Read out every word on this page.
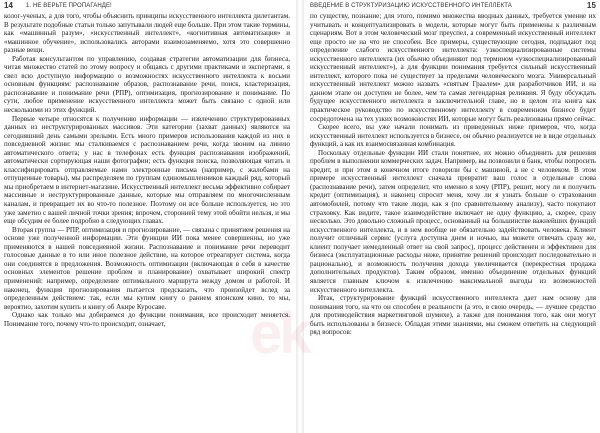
14 1. НЕ ВЕРЬТЕ ПРОПАГАНДЕ!

колог-ученых, а для того, чтобы объяснить принципы искусственного интеллекта дилетантам. В результате подобные статьи только запутывали людей еще больше. При этом такие термины, как «машинный разум», «искусственный интеллект», «когнитивная автоматизация» и «машинное обучение», использовались авторами взаимозаменяемо, хотя это совершенно разные вещи.

Работая консультантом по управлению, создавая стратегии автоматизации для бизнеса, читая множество статей по этому вопросу и общаясь с другими практиками и экспертами, я свел всю доступную информацию о возможностях искусственного интеллекта к восьми основным функциям: распознавание образов, распознавание речи, поиск, кластеризация, распознавание и понимание речи (РПР), оптимизация, прогнозирование и понимание. По сути, любое применение искусственного интеллекта может быть связано с одной или несколькими из этих функций.

Первые четыре относятся к получению информации — извлечению структурированных данных из неструктурированных массивов. Эти категории (захват данных) являются на сегодняшний день самыми зрелыми. Есть много примеров использования каждой из них в повседневной жизни: мы сталкиваемся с распознаванием речи, когда звоним на линию автоматического ответа; у нас в телефонах есть функция распознавания изображений, автоматически сортирующая наши фотографии; есть функция поиска, позволяющая читать и классифицировать отправляемые нами электронные письма (например, с жалобами на отпущенные товары), мы распределяем по группам единомышленников каждый ряд, который мы приобретаем в интернет-магазине. Искусственный интеллект весьма эффективно собирает массивные и неструктурированные данные, которые мы отправляем по многочисленным каналам, и превращает их во что-то полезное. Поэтому он все больше используется, но это уже заметно с вашей личной точки зрения; впрочем, сторонней тему этой обойти нельзя, и мы еще обсудим ее более подробно в следующих главах.

Вторая группа — РПР, оптимизация и прогнозирование, — связана с принятием решения на основе уже полученной информации. Эти функции ИИ пока менее совершенны, но уже применяются в нашей повседневной жизни. Распознавание и понимание речи переводит голосовые данные в то или иное полезное действие, на которое отреагирует система, когда они соединятся в предложения. Возможность оптимизации (включающая в себя в качестве основных элементов решение проблем и планирование) охватывает широкий спектр применений: например, определение оптимального маршрута между домом и работой. И наконец, функция прогнозирования пытается предсказать, что произойдет вслед за определенным действием: так, если мы купим книгу о раннем японском кино, то мы, вероятно, захотим купить и книгу об Акире Куросаве.

Однако как только мы добираемся до функции понимания, все происходит меняется. Понимание того, почему что-то происходит, означает,

ВВЕДЕНИЕ В СТРУКТУРИЗАЦИЮ ИСКУССТВЕННОГО ИНТЕЛЛЕКТА	15

по существу, познание; для этого, помимо множества вводных данных, требуется умение их учитывать и концептуализировать в модели, которые могут быть применены к различным сценариям. Вот в этом человеческий мозг преуспел, а современный искусственный интеллект еще просто не на что не способен. Все примеры, существующие сегодня, подпадают под определение слабого искусственного интеллекта: узкоспециализированные системы искусственного интеллекта (их обычно объединяют под термином «узкоспециализированный искусственный интеллект»), а для функции понимания требуется сильный искусственный интеллект, которого пока не существует за пределами человеческого мозга. Универсальный искусственный интеллект можно назвать «святым Граалем» для разработчиков ИИ, и на данном этапе он доступен не более, чем та самая легендарная реликвия. Я буду обсуждать будущее искусственного интеллекта в заключительной главе, но в целом эта книга как практическое руководство по искусственному интеллекту в современном бизнесе будет сосредоточена на тех узких возможностях ИИ, которые могут быть реализованы прямо сейчас.

Скорее всего, вы уже начали понимать из приведенных ниже примеров, что, когда искусственный интеллект используется в бизнесе, он обычно реализуется не в виде отдельных функций, а как их взаимосвязанная комбинация.

Поскольку отдельные функции ИИ стали понятнее, их можно объединить для решения проблем в выполнении коммерческих задач. Например, вы позвонили в банк, чтобы попросить кредит, и при этом в конечном итоге говорили бы с машиной, а не с человеком. В этом примере искусственный интеллект сначала превратит ваш голос в отдельные слова (распознавание речи), затем определит, что именно я хочу (РПР), решит, могу ли я получить кредит (оптимизация), и наконец спросит меня, хочу ли я узнать больше о страховании автомобилей, потому что такие люди, как я (по сравнительному анализу), часто покупают страховку. Как видите, такое взаимодействие включает не одну функцию, а, скорее, сразу несколько. Это довольно сложный процесс, основанный на большинстве важнейших функций искусственного интеллекта, и в нем вообще не обязательно задействовать человека. Клиент получит отличный сервис (услуга доступна днем и ночью, вы можете отвечать сразу же, клиент получает немедленный ответ на свой запрос), процесс действенен и эффективен для бизнеса (эксплуатационные расходы ниже, принятие решений происходит последовательно и рационально), и возможность получения дохода увеличивается (перекрестная продажа дополнительных продуктов). Таким образом, именно объединение отдельных функций является главным ключом к извлечению максимальной выгоды из возможностей искусственного интеллекта.

Итак, структурирование функций искусственного интеллекта дает нам основу для понимания того, на что он способен в реальности (а это, в свою очередь, — лучшее средство для противодействия маркетинговой шумихе), а также для понимания того, как они могут быть использованы в бизнесе. Обладая этими знаниями, мы сможем ответить на следующий ряд вопросов:

ek
